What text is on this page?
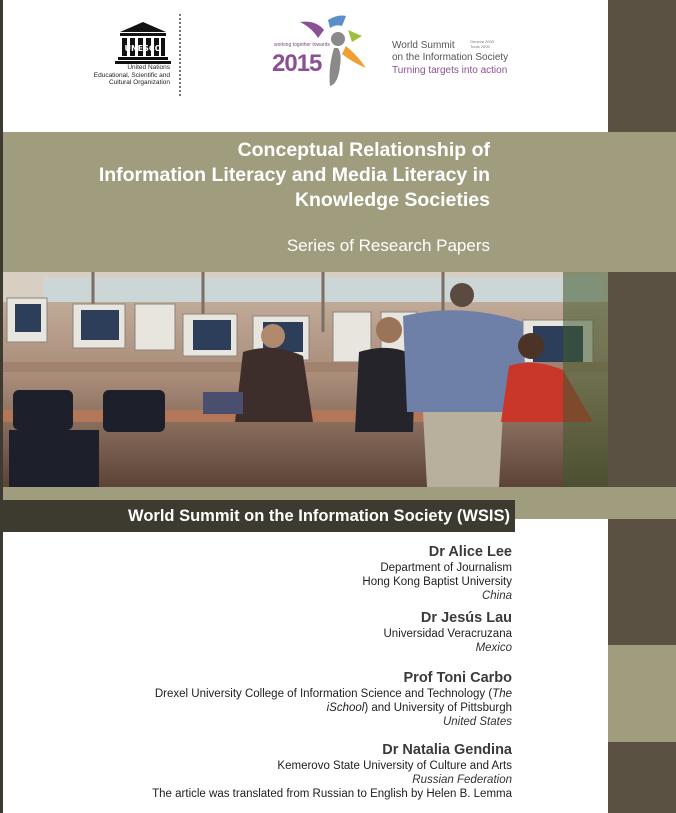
UNESCO
United Nations
Educational, Scientific and
Cultural Organization
working together towards
2015
World Summit
on the Information Society
Turning targets into action
Geneva 2003
Tunis 2005
Conceptual Relationship of
Information Literacy and Media Literacy in
Knowledge Societies
Series of Research Papers
World Summit on the Information Society (WSIS)
Dr Alice Lee
Department of Journalism
Hong Kong Baptist University
China
Dr Jesús Lau
Universidad Veracruzana
Mexico
Prof Toni Carbo
Drexel University College of Information Science and Technology (The
iSchool) and University of Pittsburgh
United States
Dr Natalia Gendina
Kemerovo State University of Culture and Arts
Russian Federation
The article was translated from Russian to English by Helen B. Lemma
